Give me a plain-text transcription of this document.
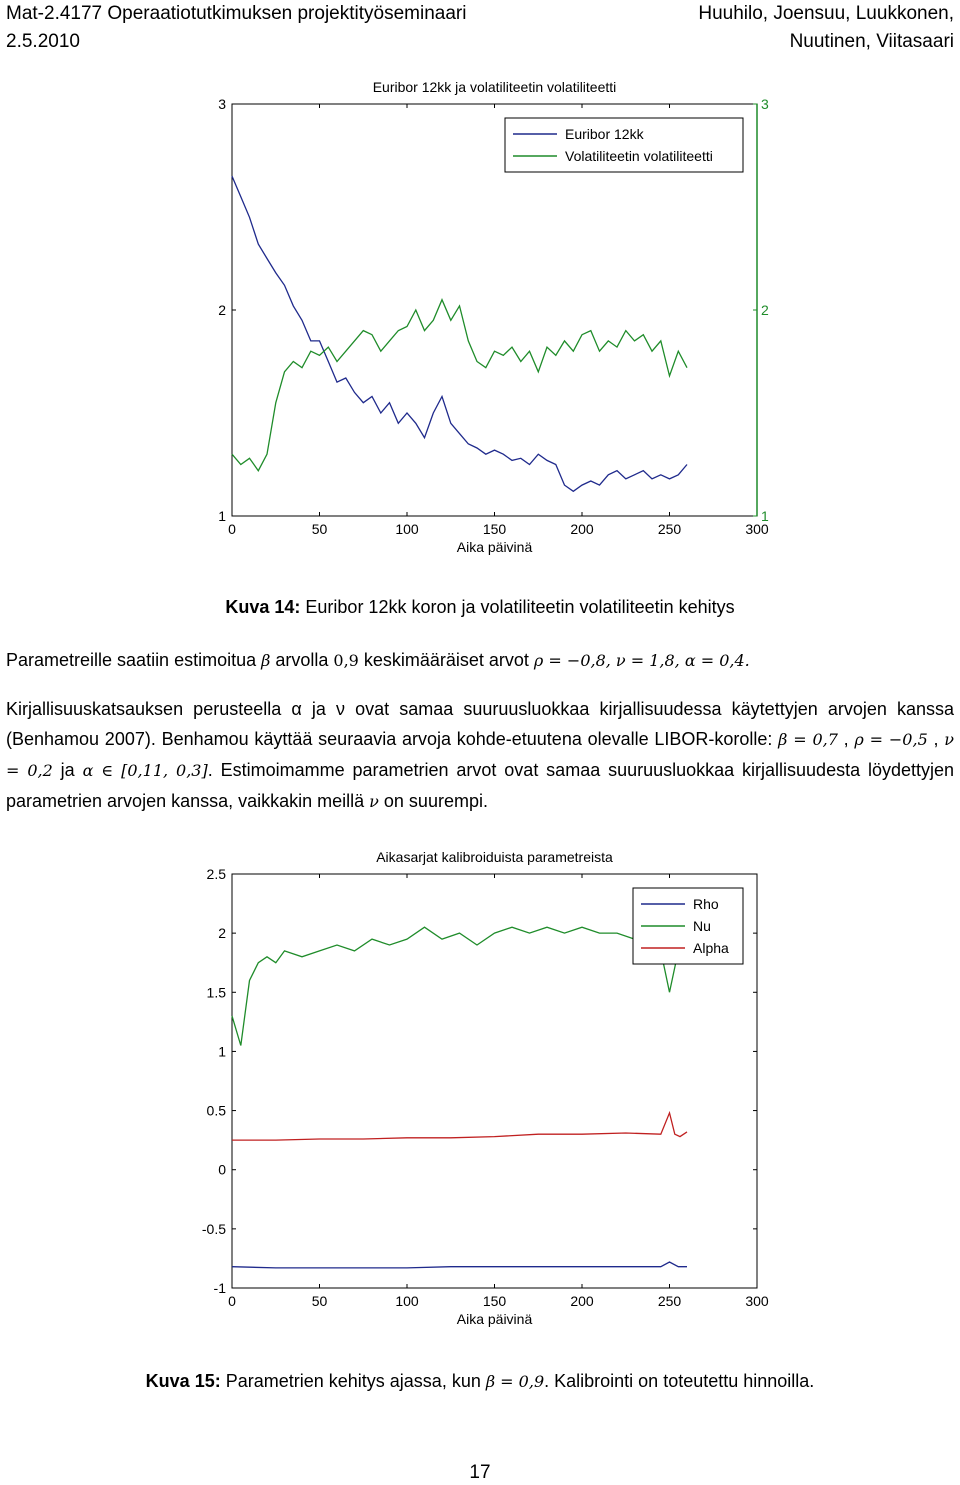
Mat-2.4177 Operaatiotutkimuksen projektityöseminaari
2.5.2010
Huuhilo, Joensuu, Luukkonen,
Nuutinen, Viitasaari
Euribor 12kk ja volatiliteetin volatiliteetti
Aika päivinä
0	50	100	150	200	250	300
1
2
3
1
2
3
Euribor 12kk
Volatiliteetin volatiliteetti
Kuva 14: Euribor 12kk koron ja volatiliteetin volatiliteetin kehitys
Parametreille saatiin estimoitua β arvolla 0,9 keskimääräiset arvot ρ = −0,8, ν = 1,8, α = 0,4.
Kirjallisuuskatsauksen perusteella α ja ν ovat samaa suuruusluokkaa kirjallisuudessa käytettyjen arvojen kanssa (Benhamou 2007). Benhamou käyttää seuraavia arvoja kohde-etuutena olevalle LIBOR-korolle: β = 0,7 , ρ = −0,5 , ν = 0,2 ja α ∈ [0,11, 0,3]. Estimoimamme parametrien arvot ovat samaa suuruusluokkaa kirjallisuudesta löydettyjen parametrien arvojen kanssa, vaikkakin meillä ν on suurempi.
Aikasarjat kalibroiduista parametreista
Aika päivinä
0	50	100	150	200	250	300
-1
-0.5
0
0.5
1
1.5
2
2.5
Rho
Nu
Alpha
Kuva 15: Parametrien kehitys ajassa, kun β = 0,9. Kalibrointi on toteutettu hinnoilla.
17
